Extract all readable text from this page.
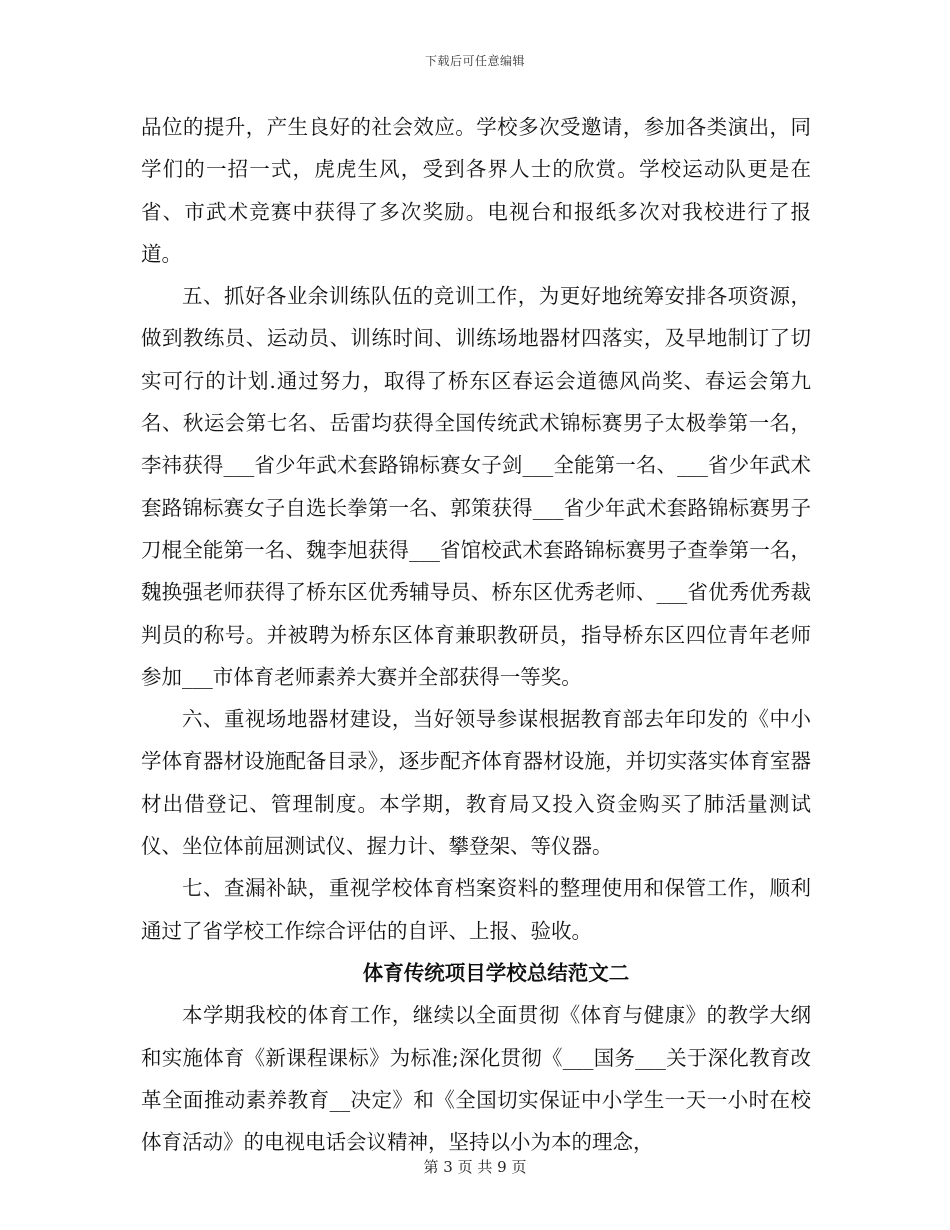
下载后可任意编辑

品位的提升，产生良好的社会效应。学校多次受邀请，参加各类演出，同学们的一招一式，虎虎生风，受到各界人士的欣赏。学校运动队更是在省、市武术竞赛中获得了多次奖励。电视台和报纸多次对我校进行了报道。

五、抓好各业余训练队伍的竞训工作，为更好地统筹安排各项资源，做到教练员、运动员、训练时间、训练场地器材四落实，及早地制订了切实可行的计划.通过努力，取得了桥东区春运会道德风尚奖、春运会第九名、秋运会第七名、岳雷均获得全国传统武术锦标赛男子太极拳第一名，李祎获得___省少年武术套路锦标赛女子剑___全能第一名、___省少年武术套路锦标赛女子自选长拳第一名、郭策获得___省少年武术套路锦标赛男子刀棍全能第一名、魏李旭获得___省馆校武术套路锦标赛男子查拳第一名，魏换强老师获得了桥东区优秀辅导员、桥东区优秀老师、___省优秀优秀裁判员的称号。并被聘为桥东区体育兼职教研员，指导桥东区四位青年老师参加___市体育老师素养大赛并全部获得一等奖。

六、重视场地器材建设，当好领导参谋根据教育部去年印发的《中小学体育器材设施配备目录》，逐步配齐体育器材设施，并切实落实体育室器材出借登记、管理制度。本学期，教育局又投入资金购买了肺活量测试仪、坐位体前屈测试仪、握力计、攀登架、等仪器。

七、查漏补缺，重视学校体育档案资料的整理使用和保管工作，顺利通过了省学校工作综合评估的自评、上报、验收。

体育传统项目学校总结范文二

本学期我校的体育工作，继续以全面贯彻《体育与健康》的教学大纲和实施体育《新课程课标》为标准;深化贯彻《___国务___关于深化教育改革全面推动素养教育__决定》和《全国切实保证中小学生一天一小时在校体育活动》的电视电话会议精神，坚持以小为本的理念，

第 3 页 共 9 页
